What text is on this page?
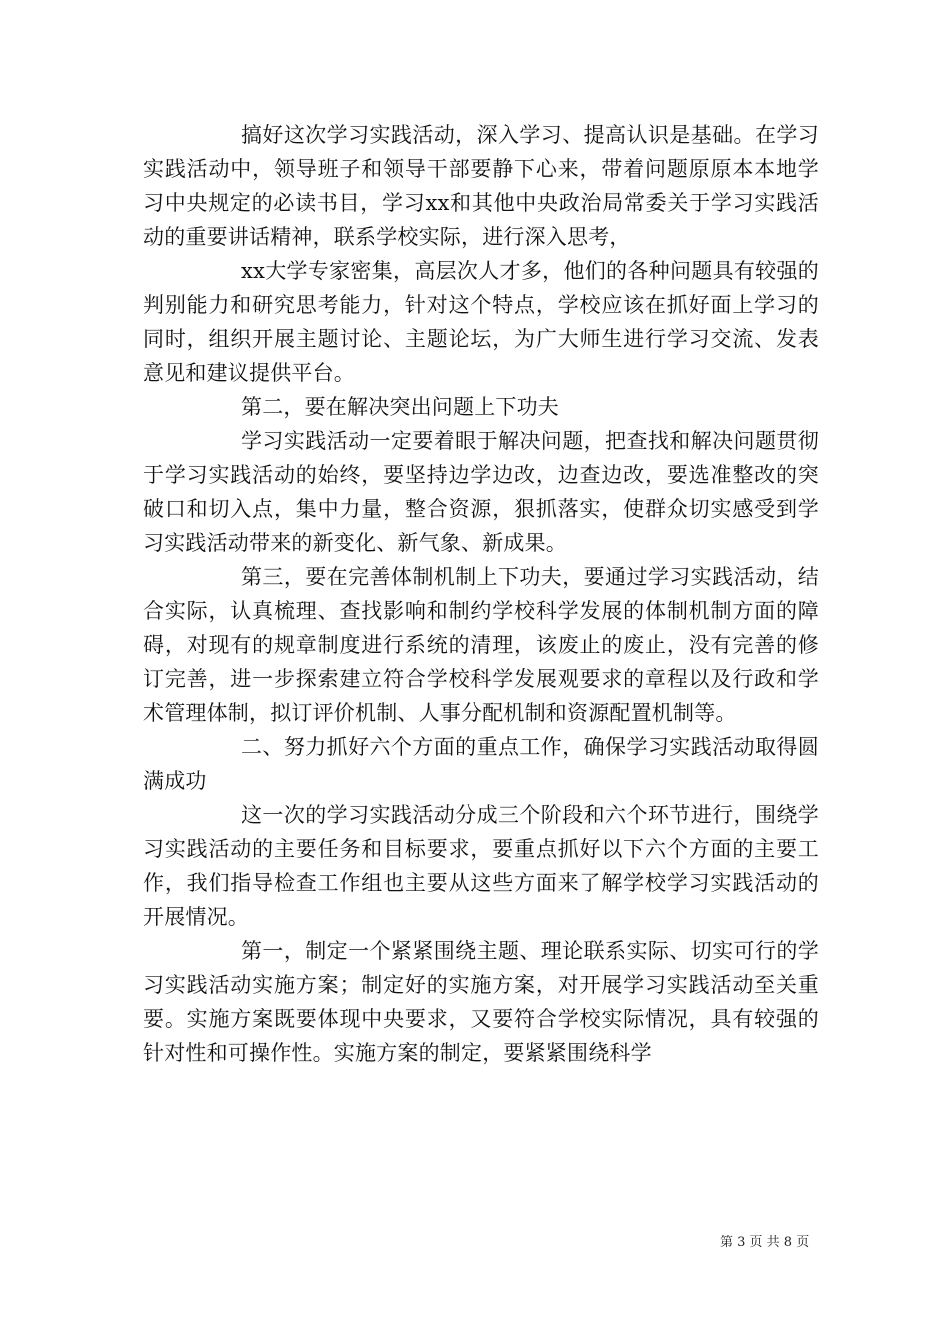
搞好这次学习实践活动，深入学习、提高认识是基础。在学习实践活动中，领导班子和领导干部要静下心来，带着问题原原本本地学习中央规定的必读书目，学习xx和其他中央政治局常委关于学习实践活动的重要讲话精神，联系学校实际，进行深入思考，

xx大学专家密集，高层次人才多，他们的各种问题具有较强的判别能力和研究思考能力，针对这个特点，学校应该在抓好面上学习的同时，组织开展主题讨论、主题论坛，为广大师生进行学习交流、发表意见和建议提供平台。

第二，要在解决突出问题上下功夫

学习实践活动一定要着眼于解决问题，把查找和解决问题贯彻于学习实践活动的始终，要坚持边学边改，边查边改，要选准整改的突破口和切入点，集中力量，整合资源，狠抓落实，使群众切实感受到学习实践活动带来的新变化、新气象、新成果。

第三，要在完善体制机制上下功夫，要通过学习实践活动，结合实际，认真梳理、查找影响和制约学校科学发展的体制机制方面的障碍，对现有的规章制度进行系统的清理，该废止的废止，没有完善的修订完善，进一步探索建立符合学校科学发展观要求的章程以及行政和学术管理体制，拟订评价机制、人事分配机制和资源配置机制等。

二、努力抓好六个方面的重点工作，确保学习实践活动取得圆满成功

这一次的学习实践活动分成三个阶段和六个环节进行，围绕学习实践活动的主要任务和目标要求，要重点抓好以下六个方面的主要工作，我们指导检查工作组也主要从这些方面来了解学校学习实践活动的开展情况。

第一，制定一个紧紧围绕主题、理论联系实际、切实可行的学习实践活动实施方案；制定好的实施方案，对开展学习实践活动至关重要。实施方案既要体现中央要求，又要符合学校实际情况，具有较强的针对性和可操作性。实施方案的制定，要紧紧围绕科学

第 3 页 共 8 页
